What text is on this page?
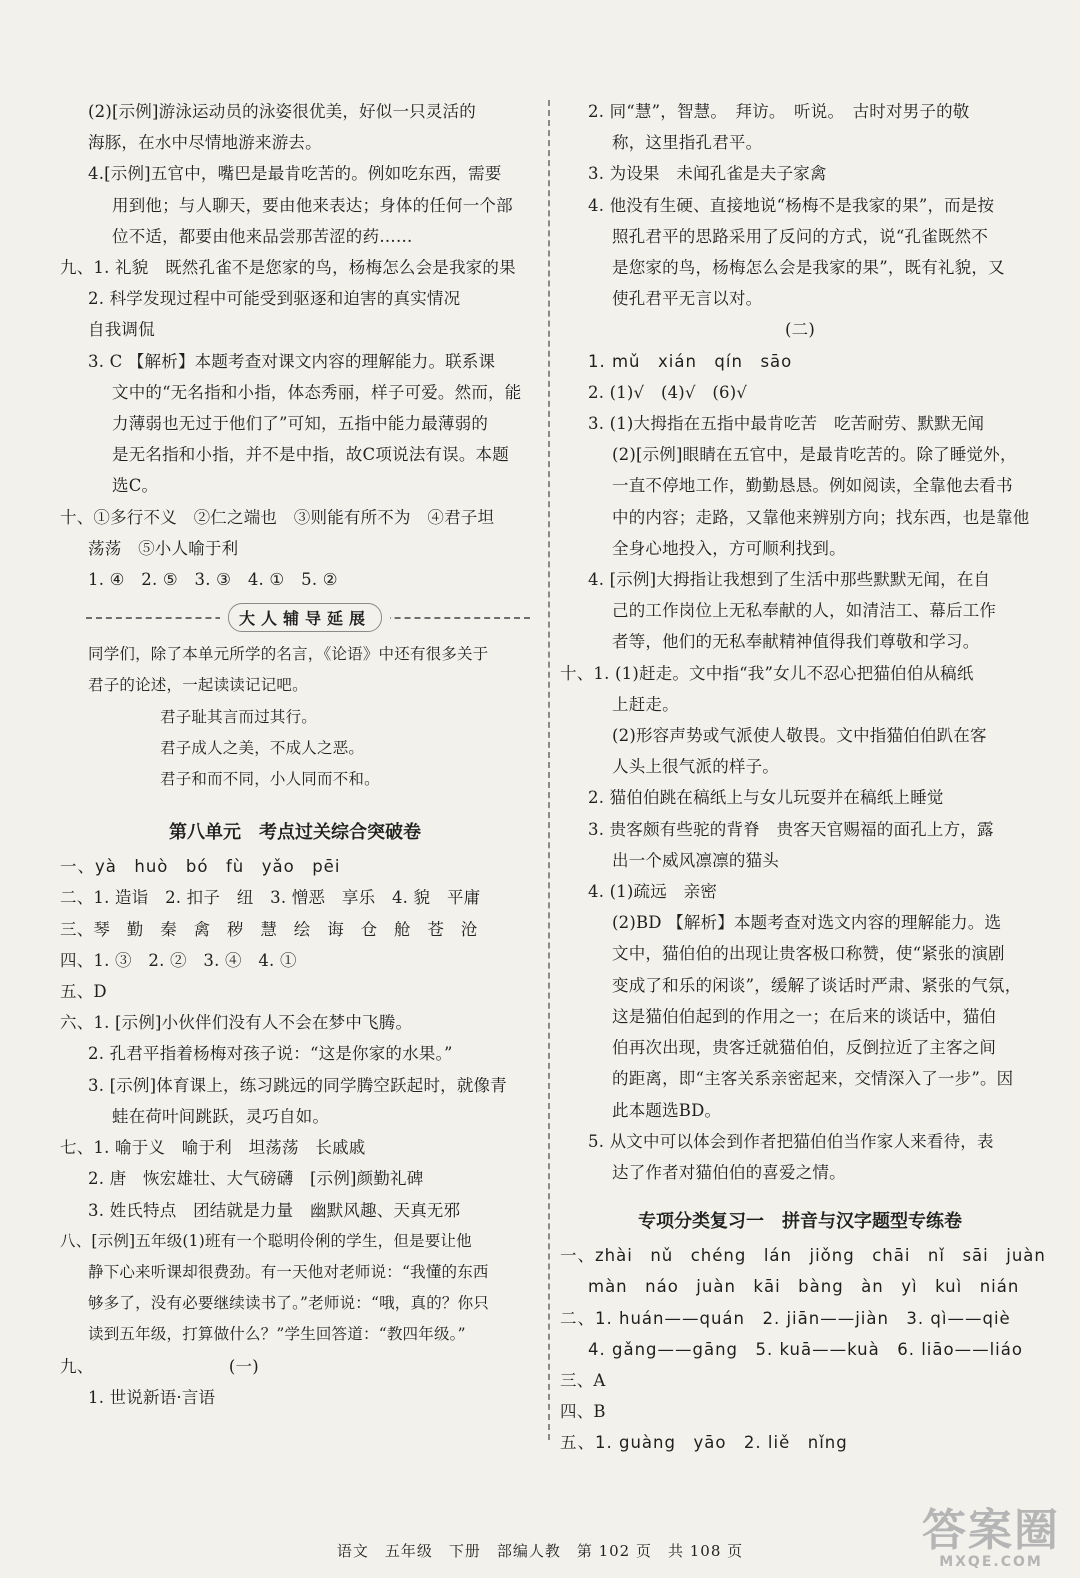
(2)[示例]游泳运动员的泳姿很优美，好似一只灵活的
海豚，在水中尽情地游来游去。
4.[示例]五官中，嘴巴是最肯吃苦的。例如吃东西，需要
用到他；与人聊天，要由他来表达；身体的任何一个部
位不适，都要由他来品尝那苦涩的药……
九、1. 礼貌　既然孔雀不是您家的鸟，杨梅怎么会是我家的果
2. 科学发现过程中可能受到驱逐和迫害的真实情况
自我调侃
3. C 【解析】本题考查对课文内容的理解能力。联系课
文中的“无名指和小指，体态秀丽，样子可爱。然而，能
力薄弱也无过于他们了”可知，五指中能力最薄弱的
是无名指和小指，并不是中指，故C项说法有误。本题
选C。
十、①多行不义　②仁之端也　③则能有所不为　④君子坦
荡荡　⑤小人喻于利
1. ④　2. ⑤　3. ③　4. ①　5. ②
大人辅导延展
同学们，除了本单元所学的名言，《论语》中还有很多关于
君子的论述，一起读读记记吧。
君子耻其言而过其行。
君子成人之美，不成人之恶。
君子和而不同，小人同而不和。
第八单元　考点过关综合突破卷
一、yà　huò　bó　fù　yǎo　pēi
二、1. 造诣　2. 扣子　纽　3. 憎恶　享乐　4. 貌　平庸
三、琴　勤　秦　禽　秽　慧　绘　诲　仓　舱　苍　沧
四、1. ③　2. ②　3. ④　4. ①
五、D
六、1. [示例]小伙伴们没有人不会在梦中飞腾。
2. 孔君平指着杨梅对孩子说：“这是你家的水果。”
3. [示例]体育课上，练习跳远的同学腾空跃起时，就像青
蛙在荷叶间跳跃，灵巧自如。
七、1. 喻于义　喻于利　坦荡荡　长戚戚
2. 唐　恢宏雄壮、大气磅礴　[示例]颜勤礼碑
3. 姓氏特点　团结就是力量　幽默风趣、天真无邪
八、[示例]五年级(1)班有一个聪明伶俐的学生，但是要让他
静下心来听课却很费劲。有一天他对老师说：“我懂的东西
够多了，没有必要继续读书了。”老师说：“哦，真的？你只
读到五年级，打算做什么？”学生回答道：“教四年级。”
九、	(一)
1. 世说新语·言语
2. 同“慧”，智慧。　拜访。　听说。　古时对男子的敬
称，这里指孔君平。
3. 为设果　未闻孔雀是夫子家禽
4. 他没有生硬、直接地说“杨梅不是我家的果”，而是按
照孔君平的思路采用了反问的方式，说“孔雀既然不
是您家的鸟，杨梅怎么会是我家的果”，既有礼貌，又
使孔君平无言以对。
(二)
1. mǔ　xián　qín　sāo
2. (1)√　(4)√　(6)√
3. (1)大拇指在五指中最肯吃苦　吃苦耐劳、默默无闻
(2)[示例]眼睛在五官中，是最肯吃苦的。除了睡觉外，
一直不停地工作，勤勤恳恳。例如阅读，全靠他去看书
中的内容；走路，又靠他来辨别方向；找东西，也是靠他
全身心地投入，方可顺利找到。
4. [示例]大拇指让我想到了生活中那些默默无闻，在自
己的工作岗位上无私奉献的人，如清洁工、幕后工作
者等，他们的无私奉献精神值得我们尊敬和学习。
十、1. (1)赶走。文中指“我”女儿不忍心把猫伯伯从稿纸
上赶走。
(2)形容声势或气派使人敬畏。文中指猫伯伯趴在客
人头上很气派的样子。
2. 猫伯伯跳在稿纸上与女儿玩耍并在稿纸上睡觉
3. 贵客颇有些驼的背脊　贵客天官赐福的面孔上方，露
出一个威风凛凛的猫头
4. (1)疏远　亲密
(2)BD 【解析】本题考查对选文内容的理解能力。选
文中，猫伯伯的出现让贵客极口称赞，使“紧张的演剧
变成了和乐的闲谈”，缓解了谈话时严肃、紧张的气氛，
这是猫伯伯起到的作用之一；在后来的谈话中，猫伯
伯再次出现，贵客迁就猫伯伯，反倒拉近了主客之间
的距离，即“主客关系亲密起来，交情深入了一步”。因
此本题选BD。
5. 从文中可以体会到作者把猫伯伯当作家人来看待，表
达了作者对猫伯伯的喜爱之情。
专项分类复习一　拼音与汉字题型专练卷
一、zhài　nǔ　chéng　lán　jiǒng　chāi　nǐ　sāi　juàn
màn　náo　juàn　kāi　bàng　àn　yì　kuì　nián
二、1. huán——quán　2. jiān——jiàn　3. qì——qiè
4. gǎng——gāng　5. kuā——kuà　6. liāo——liáo
三、A
四、B
五、1. guàng　yāo　2. liě　nǐng
语文　五年级　下册　部编人教　第 102 页　共 108 页	答案圈
MXQE.COM
